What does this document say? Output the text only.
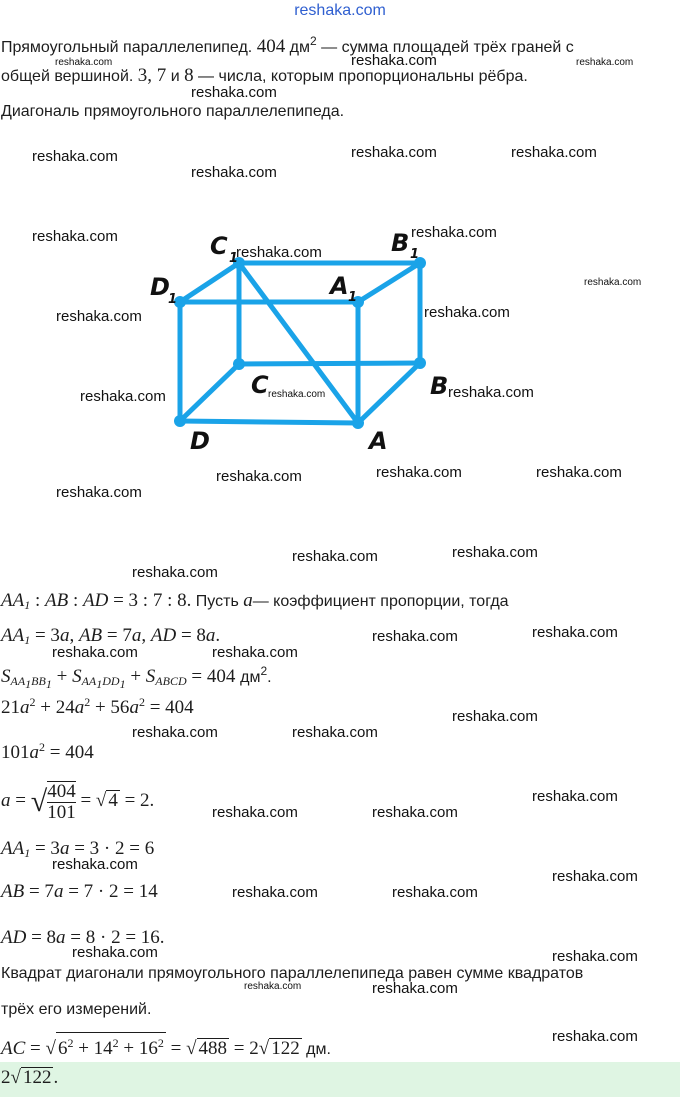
reshaka.com
Прямоугольный параллелепипед. 404 $дм^2$ — сумма площадей трёх граней с
общей вершиной. 3, 7 и 8 — числа, которым пропорциональны рёбра.
Диагональ прямоугольного параллелепипеда.
C 1
B 1
D
1	A 1
C	B
D	A
$AA_1$ : AB : AD = 3 : 7 : 8. Пусть a— коэффициент пропорции, тогда
$AA_1 = 3a$, AB = 7a, AD = 8a.
$S_{AA_1BB_1} + S_{AA_1DD_1} + S_{ABCD} = 404$ $дм^2$.
$21a^2 + 24a^2 + 56a^2 = 404$
$101a^2 = 404$
a = √ $\frac{404}{101}$ = √ 4 = 2.
$AA_1 = 3a = 3 \cdot 2 = 6$
AB = 7a = 7 · 2 = 14
AD = 8a = 8 · 2 = 16.
Квадрат диагонали прямоугольного параллелепипеда равен сумме квадратов
трёх его измерений.
AC = √ $6^2 + 14^2 + 16^2$ = √ 488 = 2√ 122 дм.
2√ 122 .
reshaka.com	reshaka.com	reshaka.com
reshaka.com
reshaka.com	reshaka.com	reshaka.com
reshaka.com
reshaka.com
reshaka.com
reshaka.com
reshaka.com
reshaka.com	reshaka.com
reshaka.com
reshaka.com	reshaka.com
reshaka.com	reshaka.com	reshaka.com
reshaka.com
reshaka.com	reshaka.com
reshaka.com
reshaka.com	reshaka.com
reshaka.com	reshaka.com
reshaka.com
reshaka.com	reshaka.com
reshaka.com
reshaka.com	reshaka.com
reshaka.com
reshaka.com
reshaka.com	reshaka.com
reshaka.com	reshaka.com
reshaka.com	reshaka.com
reshaka.com
